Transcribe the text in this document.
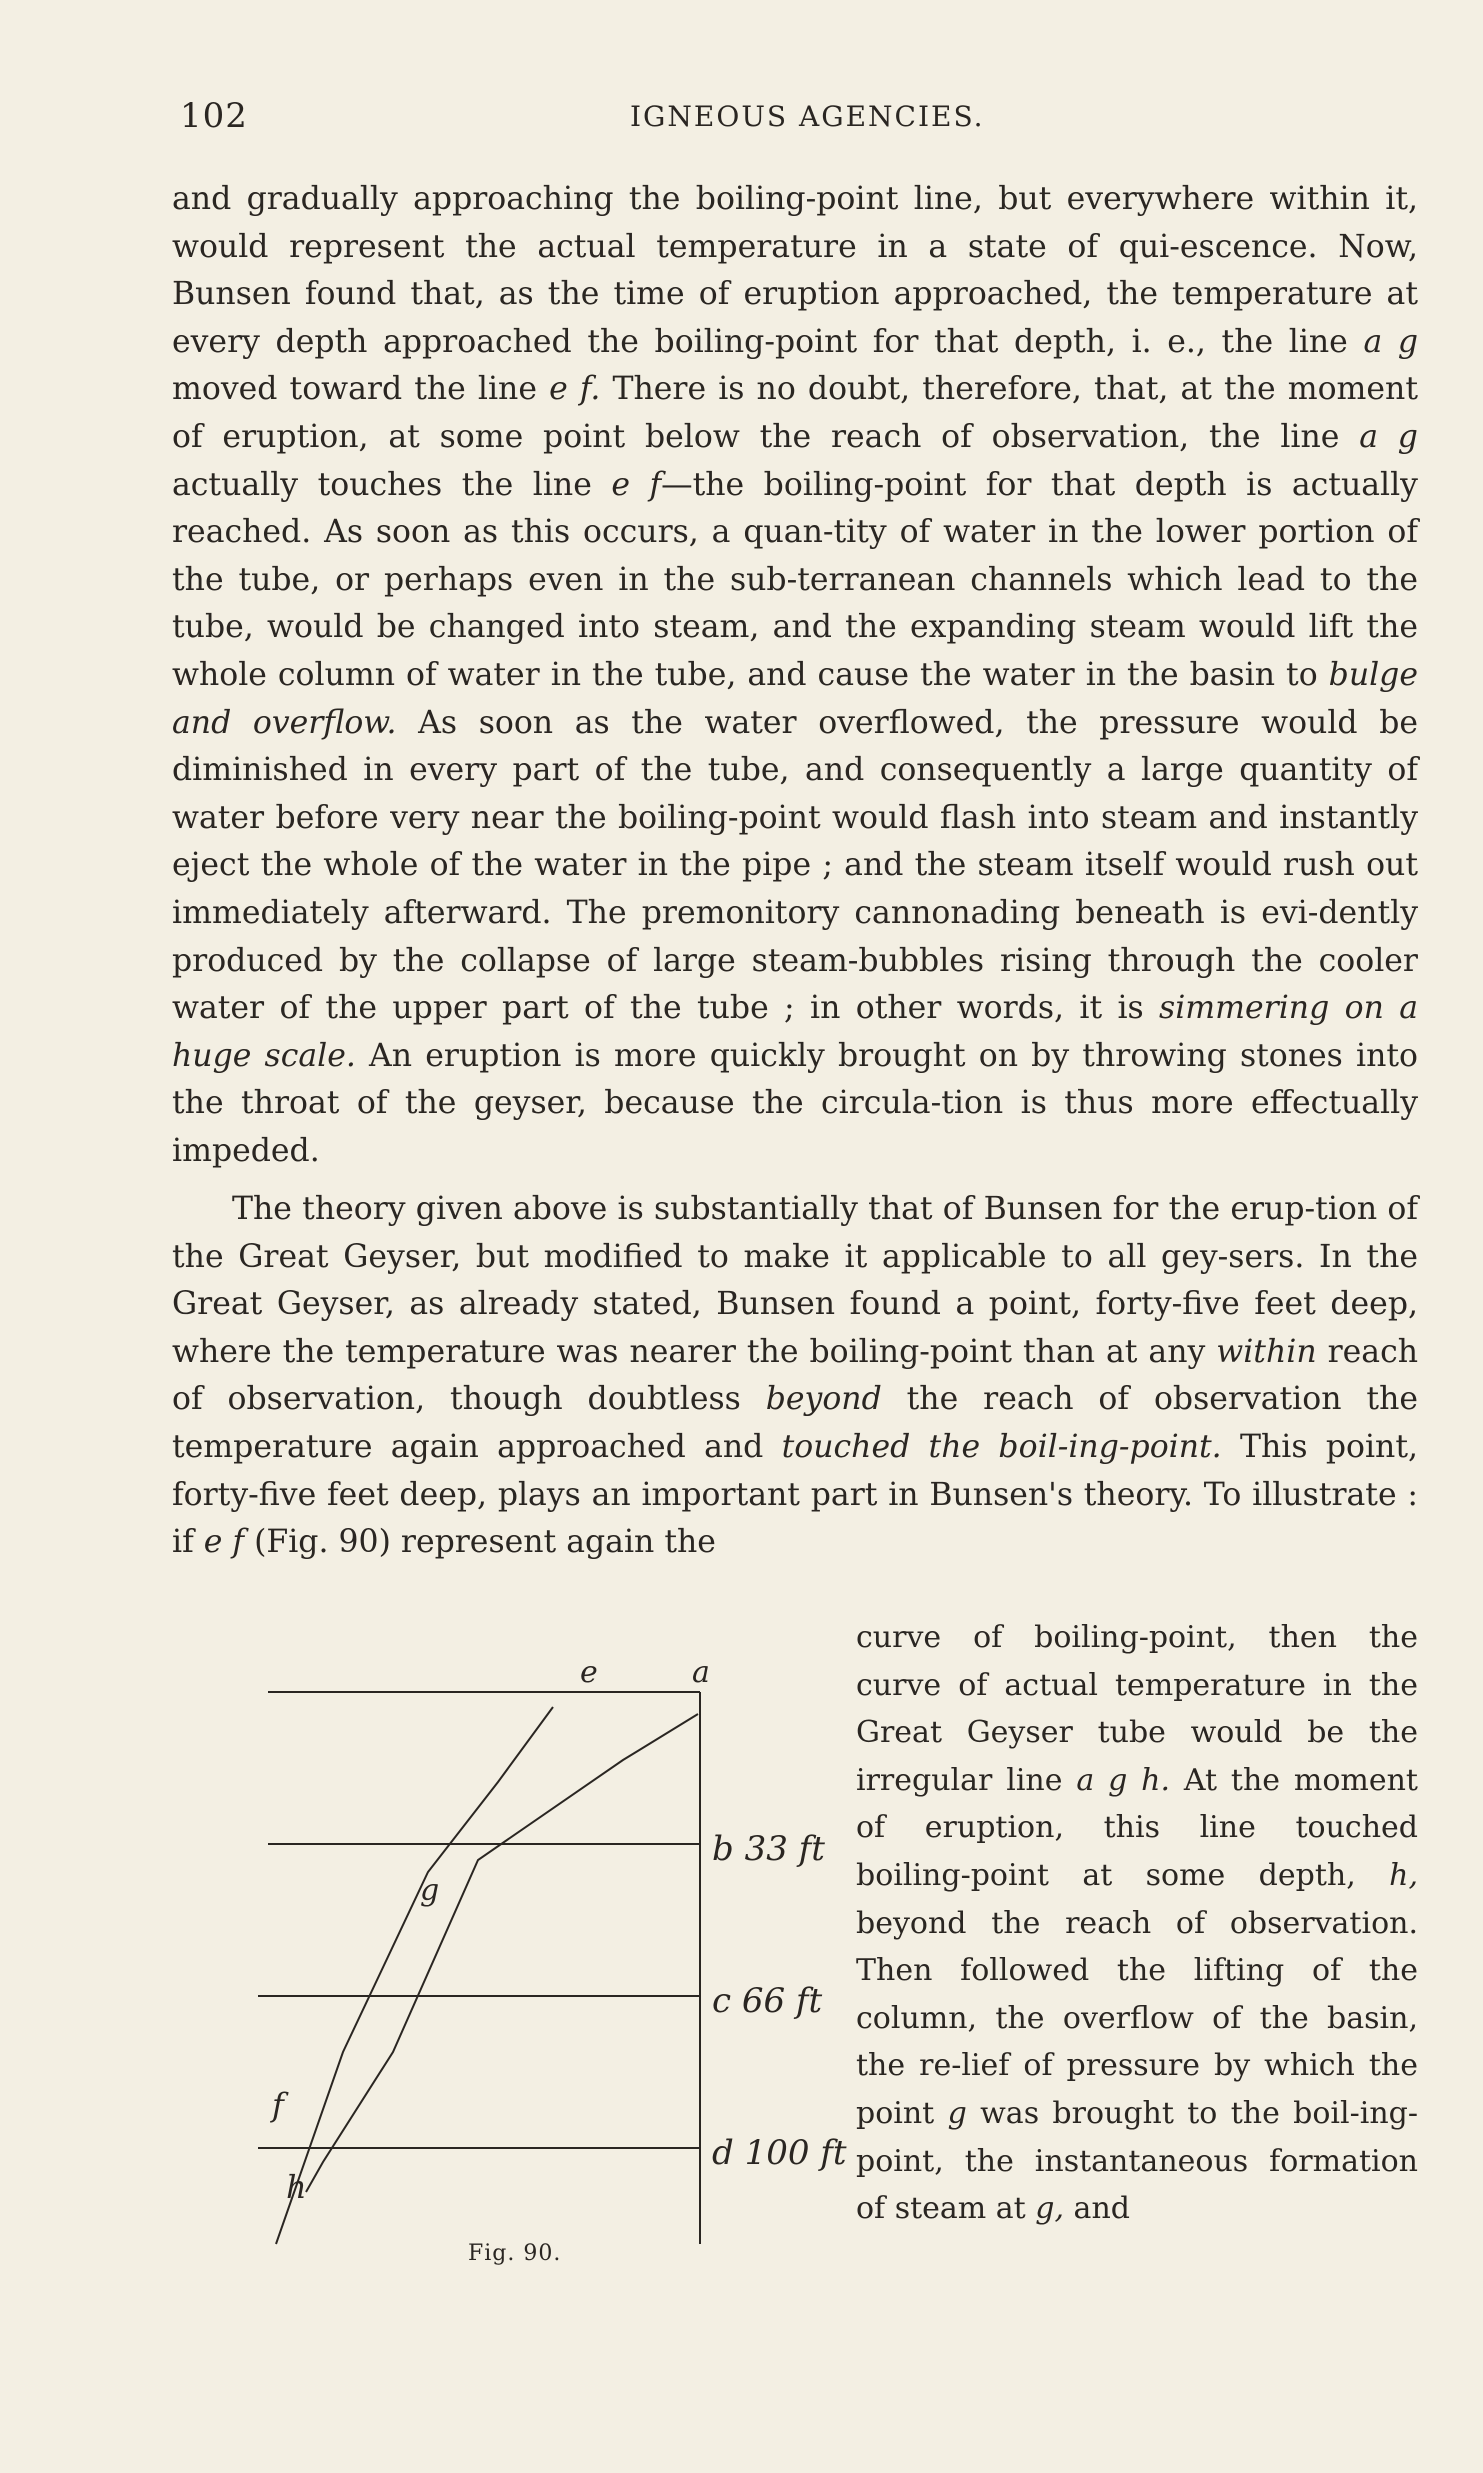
102	IGNEOUS AGENCIES.

and gradually approaching the boiling-point line, but everywhere within it, would represent the actual temperature in a state of qui-escence. Now, Bunsen found that, as the time of eruption approached, the temperature at every depth approached the boiling-point for that depth, i. e., the line a g moved toward the line e f. There is no doubt, therefore, that, at the moment of eruption, at some point below the reach of observation, the line a g actually touches the line e f—the boiling-point for that depth is actually reached. As soon as this occurs, a quan-tity of water in the lower portion of the tube, or perhaps even in the sub-terranean channels which lead to the tube, would be changed into steam, and the expanding steam would lift the whole column of water in the tube, and cause the water in the basin to bulge and overflow. As soon as the water overflowed, the pressure would be diminished in every part of the tube, and consequently a large quantity of water before very near the boiling-point would flash into steam and instantly eject the whole of the water in the pipe ; and the steam itself would rush out immediately afterward. The premonitory cannonading beneath is evi-dently produced by the collapse of large steam-bubbles rising through the cooler water of the upper part of the tube ; in other words, it is simmering on a huge scale. An eruption is more quickly brought on by throwing stones into the throat of the geyser, because the circula-tion is thus more effectually impeded.

The theory given above is substantially that of Bunsen for the erup-tion of the Great Geyser, but modified to make it applicable to all gey-sers. In the Great Geyser, as already stated, Bunsen found a point, forty-five feet deep, where the temperature was nearer the boiling-point than at any within reach of observation, though doubtless beyond the reach of observation the temperature again approached and touched the boil-ing-point. This point, forty-five feet deep, plays an important part in Bunsen's theory. To illustrate : if e f (Fig. 90) represent again the

curve of boiling-point, then the curve of actual temperature in the Great Geyser tube would be the irregular line a g h. At the moment of eruption, this line touched boiling-point at some depth, h, beyond the reach of observation. Then followed the lifting of the column, the overflow of the basin, the re-lief of pressure by which the point g was brought to the boil-ing-point, the instantaneous formation of steam at g, and

e	a
b 33 ft
c 66 ft
d 100 ft
g
f
h
Fig. 90.
